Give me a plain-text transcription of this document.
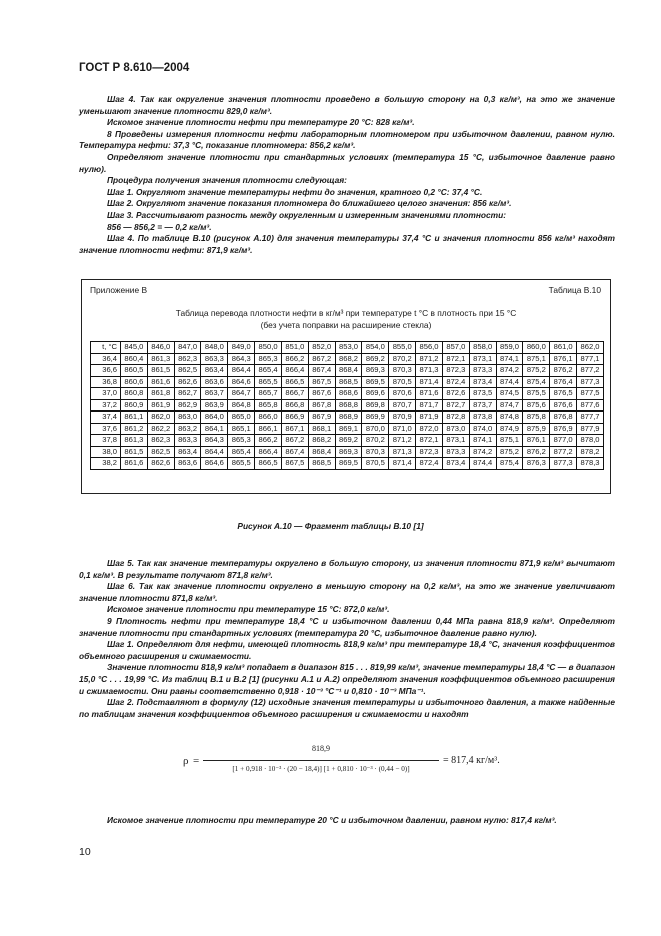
ГОСТ Р 8.610—2004

Шаг 4. Так как округление значения плотности проведено в большую сторону на 0,3 кг/м³, на это же значение уменьшают значение плотности 829,0 кг/м³.

Искомое значение плотности нефти при температуре 20 °С: 828 кг/м³.

8 Проведены измерения плотности нефти лабораторным плотномером при избыточном давлении, равном нулю. Температура нефти: 37,3 °С, показание плотномера: 856,2 кг/м³.

Определяют значение плотности при стандартных условиях (температура 15 °С, избыточное давление равно нулю).

Процедура получения значения плотности следующая:

Шаг 1. Округляют значение температуры нефти до значения, кратного 0,2 °С: 37,4 °С.

Шаг 2. Округляют значение показания плотномера до ближайшего целого значения: 856 кг/м³.

Шаг 3. Рассчитывают разность между округленным и измеренным значениями плотности:

856 — 856,2 = — 0,2 кг/м³.

Шаг 4. По таблице В.10 (рисунок А.10) для значения температуры 37,4 °С и значения плотности 856 кг/м³ находят значение плотности нефти: 871,9 кг/м³.

Приложение В	Таблица В.10
Таблица перевода плотности нефти в кг/м³ при температуре t °С в плотность при 15 °С
(без учета поправки на расширение стекла)
t, °C	845,0	846,0	847,0	848,0	849,0	850,0	851,0	852,0	853,0	854,0	855,0	856,0	857,0	858,0	859,0	860,0	861,0	862,0
36,4	860,4	861,3	862,3	863,3	864,3	865,3	866,2	867,2	868,2	869,2	870,2	871,2	872,1	873,1	874,1	875,1	876,1	877,1
36,6	860,5	861,5	862,5	863,4	864,4	865,4	866,4	867,4	868,4	869,3	870,3	871,3	872,3	873,3	874,2	875,2	876,2	877,2
36,8	860,6	861,6	862,6	863,6	864,6	865,5	866,5	867,5	868,5	869,5	870,5	871,4	872,4	873,4	874,4	875,4	876,4	877,3
37,0	860,8	861,8	862,7	863,7	864,7	865,7	866,7	867,6	868,6	869,6	870,6	871,6	872,6	873,5	874,5	875,5	876,5	877,5
37,2	860,9	861,9	862,9	863,9	864,8	865,8	866,8	867,8	868,8	869,8	870,7	871,7	872,7	873,7	874,7	875,6	876,6	877,6
37,4	861,1	862,0	863,0	864,0	865,0	866,0	866,9	867,9	868,9	869,9	870,9	871,9	872,8	873,8	874,8	875,8	876,8	877,7
37,6	861,2	862,2	863,2	864,1	865,1	866,1	867,1	868,1	869,1	870,0	871,0	872,0	873,0	874,0	874,9	875,9	876,9	877,9
37,8	861,3	862,3	863,3	864,3	865,3	866,2	867,2	868,2	869,2	870,2	871,2	872,1	873,1	874,1	875,1	876,1	877,0	878,0
38,0	861,5	862,5	863,4	864,4	865,4	866,4	867,4	868,4	869,3	870,3	871,3	872,3	873,3	874,2	875,2	876,2	877,2	878,2
38,2	861,6	862,6	863,6	864,6	865,5	866,5	867,5	868,5	869,5	870,5	871,4	872,4	873,4	874,4	875,4	876,3	877,3	878,3
Рисунок А.10 — Фрагмент таблицы В.10 [1]

Шаг 5. Так как значение температуры округлено в большую сторону, из значения плотности 871,9 кг/м³ вычитают 0,1 кг/м³. В результате получают 871,8 кг/м³.

Шаг 6. Так как значение плотности округлено в меньшую сторону на 0,2 кг/м³, на это же значение увеличивают значение плотности 871,8 кг/м³.

Искомое значение плотности при температуре 15 °С: 872,0 кг/м³.

9 Плотность нефти при температуре 18,4 °С и избыточном давлении 0,44 МПа равна 818,9 кг/м³. Определяют значение плотности при стандартных условиях (температура 20 °С, избыточное давление равно нулю).

Шаг 1. Определяют для нефти, имеющей плотность 818,9 кг/м³ при температуре 18,4 °С, значения коэффициентов объемного расширения и сжимаемости.

Значение плотности 818,9 кг/м³ попадает в диапазон 815 . . . 819,99 кг/м³, значение температуры 18,4 °С — в диапазон 15,0 °С . . . 19,99 °С. Из таблиц В.1 и В.2 [1] (рисунки А.1 и А.2) определяют значения коэффициентов объемного расширения и сжимаемости. Они равны соответственно 0,918 · 10⁻³ °С⁻¹ и 0,810 · 10⁻³ МПа⁻¹.

Шаг 2. Подставляют в формулу (12) исходные значения температуры и избыточного давления, а также найденные по таблицам значения коэффициентов объемного расширения и сжимаемости и находят

ρ =
818,9
[1 + 0,918 · 10⁻³ · (20 − 18,4)] [1 + 0,810 · 10⁻³ · (0,44 − 0)]
= 817,4 кг/м³.

Искомое значение плотности при температуре 20 °С и избыточном давлении, равном нулю: 817,4 кг/м³.

10
